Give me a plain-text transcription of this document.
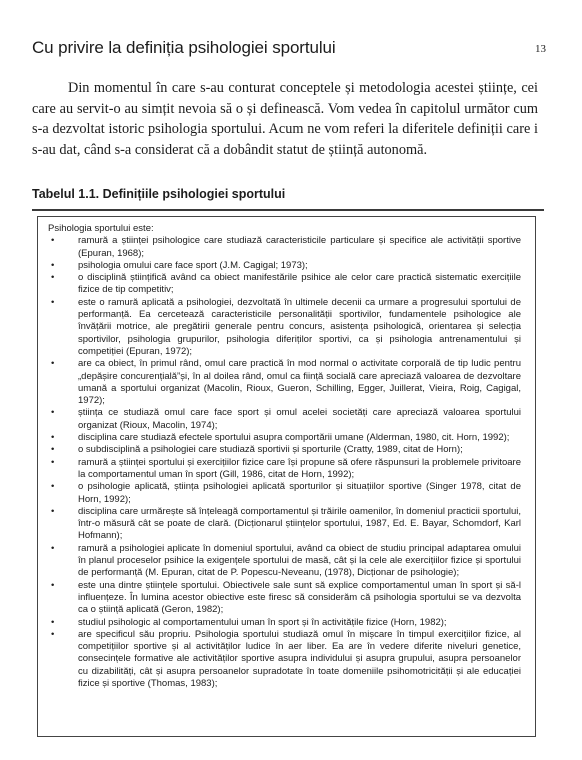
13
Cu privire la definiția psihologiei sportului

Din momentul în care s-au conturat conceptele și metodologia acestei științe, cei care au servit-o au simțit nevoia să o și definească. Vom vedea în capitolul următor cum s-a dezvoltat istoric psihologia sportului. Acum ne vom referi la diferitele definiții care i s-au dat, când s-a considerat că a dobândit statut de știință autonomă.

Tabelul 1.1. Definițiile psihologiei sportului

Psihologia sportului este:

• ramură a științei psihologice care studiază caracteristicile particulare și specifice ale activității sportive (Epuran, 1968);
• psihologia omului care face sport (J.M. Cagigal; 1973);
• o disciplină științifică având ca obiect manifestările psihice ale celor care practică sistematic exercițiile fizice de tip competitiv;
• este o ramură aplicată a psihologiei, dezvoltată în ultimele decenii ca urmare a progresului sportului de performanță. Ea cercetează caracteristicile personalității sportivilor, fundamentele psihologice ale învățării motrice, ale pregătirii generale pentru concurs, asistența psihologică, orientarea și selecția sportivilor, psihologia grupurilor, psihologia diferiților sportivi, ca și psihologia antrenamentului și competiției (Epuran, 1972);
• are ca obiect, în primul rând, omul care practică în mod normal o activitate corporală de tip ludic pentru „depășire concurențială”și, în al doilea rând, omul ca ființă socială care apreciază valoarea de dezvoltare umană a sportului organizat (Macolin, Rioux, Gueron, Schilling, Egger, Juillerat, Vieira, Roig, Cagigal, 1972);
• știința ce studiază omul care face sport și omul acelei societăți care apreciază valoarea sportului organizat (Rioux, Macolin, 1974);
• disciplina care studiază efectele sportului asupra comportării umane (Alderman, 1980, cit. Horn, 1992);
• o subdisciplină a psihologiei care studiază sportivii și sporturile (Cratty, 1989, citat de Horn);
• ramură a științei sportului și exercițiilor fizice care își propune să ofere răspunsuri la problemele privitoare la comportamentul uman în sport (Gill, 1986, citat de Horn, 1992);
• o psihologie aplicată, știința psihologiei aplicată sporturilor și situațiilor sportive (Singer 1978, citat de Horn, 1992);
• disciplina care urmărește să înțeleagă comportamentul și trăirile oamenilor, în domeniul practicii sportului, într-o măsură cât se poate de clară. (Dicționarul științelor sportului, 1987, Ed. E. Bayar, Schomdorf, Karl Hofmann);
• ramură a psihologiei aplicate în domeniul sportului, având ca obiect de studiu principal adaptarea omului în planul proceselor psihice la exigențele sportului de masă, cât și la cele ale exercițiilor fizice și sportului de performanță (M. Epuran, citat de P. Popescu-Neveanu, (1978), Dicționar de psihologie);
• este una dintre științele sportului. Obiectivele sale sunt să explice comportamentul uman în sport și să-l influențeze. În lumina acestor obiective este firesc să considerăm că psihologia sportului se va dezvolta ca o știință aplicată (Geron, 1982);
• studiul psihologic al comportamentului uman în sport și în activitățile fizice (Horn, 1982);
• are specificul său propriu. Psihologia sportului studiază omul în mișcare în timpul exercițiilor fizice, al competițiilor sportive și al activităților ludice în aer liber. Ea are în vedere diferite niveluri genetice, consecințele formative ale activităților sportive asupra individului și asupra grupului, asupra persoanelor cu dizabilități, cât și asupra persoanelor supradotate în toate domeniile psihomotricității și ale educației fizice și sportive (Thomas, 1983);
